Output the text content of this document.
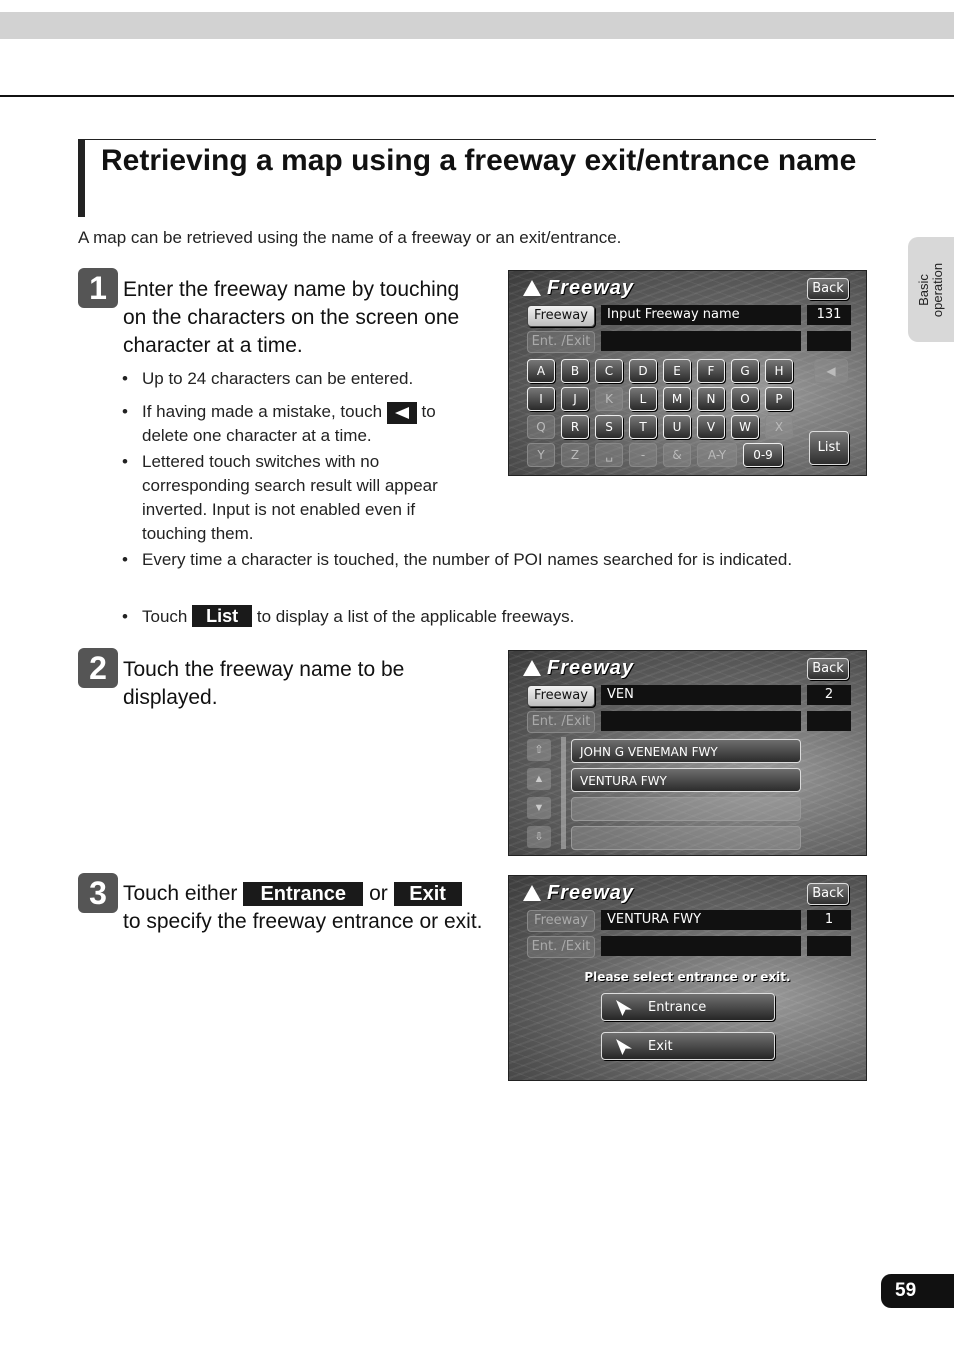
Basic
operation
Retrieving a map using a freeway exit/entrance name
A map can be retrieved using the name of a freeway or an exit/entrance.
1 Enter the freeway name by touching on the characters on the screen one character at a time.
• Up to 24 characters can be entered.
• If having made a mistake, touch to delete one character at a time.
• Lettered touch switches with no corresponding search result will appear inverted. Input is not enabled even if touching them.
• Every time a character is touched, the number of POI names searched for is indicated.
• Touch List to display a list of the applicable freeways.
Freeway	Back
Freeway	Input Freeway name	131
Ent. /Exit
A	B	C	D	E	F	G	H
I	J	K	L	M	N	O	P
Q	R	S	T	U	V	W	X
Y	Z	␣	-	&	A-Y	0-9
◀
List
2 Touch the freeway name to be displayed.
Freeway	Back
Freeway	VEN	2
Ent. /Exit
⇧
▲
▼
⇩
JOHN G VENEMAN FWY
VENTURA FWY
3 Touch either Entrance or Exit to specify the freeway entrance or exit.
Freeway	Back
Freeway	VENTURA FWY	1
Ent. /Exit
Please select entrance or exit.
Entrance
Exit
59
